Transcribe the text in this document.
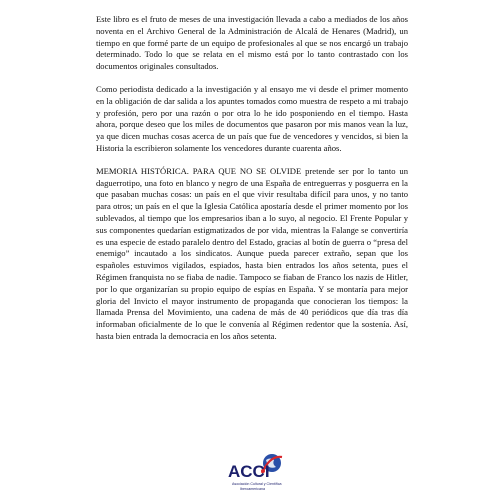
Este libro es el fruto de meses de una investigación llevada a cabo a mediados de los años noventa en el Archivo General de la Administración de Alcalá de Henares (Madrid), un tiempo en que formé parte de un equipo de profesionales al que se nos encargó un trabajo determinado. Todo lo que se relata en el mismo está por lo tanto contrastado con los documentos originales consultados.

Como periodista dedicado a la investigación y al ensayo me vi desde el primer momento en la obligación de dar salida a los apuntes tomados como muestra de respeto a mi trabajo y profesión, pero por una razón o por otra lo he ido posponiendo en el tiempo. Hasta ahora, porque deseo que los miles de documentos que pasaron por mis manos vean la luz, ya que dicen muchas cosas acerca de un país que fue de vencedores y vencidos, si bien la Historia la escribieron solamente los vencedores durante cuarenta años.

MEMORIA HISTÓRICA. PARA QUE NO SE OLVIDE pretende ser por lo tanto un daguerrotipo, una foto en blanco y negro de una España de entreguerras y posguerra en la que pasaban muchas cosas: un país en el que vivir resultaba difícil para unos, y no tanto para otros; un país en el que la Iglesia Católica apostaría desde el primer momento por los sublevados, al tiempo que los empresarios iban a lo suyo, al negocio. El Frente Popular y sus componentes quedarían estigmatizados de por vida, mientras la Falange se convertiría es una especie de estado paralelo dentro del Estado, gracias al botín de guerra o “presa del enemigo” incautado a los sindicatos. Aunque pueda parecer extraño, sepan que los españoles estuvimos vigilados, espiados, hasta bien entrados los años setenta, pues el Régimen franquista no se fiaba de nadie. Tampoco se fiaban de Franco los nazis de Hitler, por lo que organizarían su propio equipo de espías en España. Y se montaría para mejor gloria del Invicto el mayor instrumento de propaganda que conocieran los tiempos: la llamada Prensa del Movimiento, una cadena de más de 40 periódicos que día tras día informaban oficialmente de lo que le convenía al Régimen redentor que la sostenía. Así, hasta bien entrada la democracia en los años setenta.

ACCI
Asociación Cultural y Científica
Iberoamericana
